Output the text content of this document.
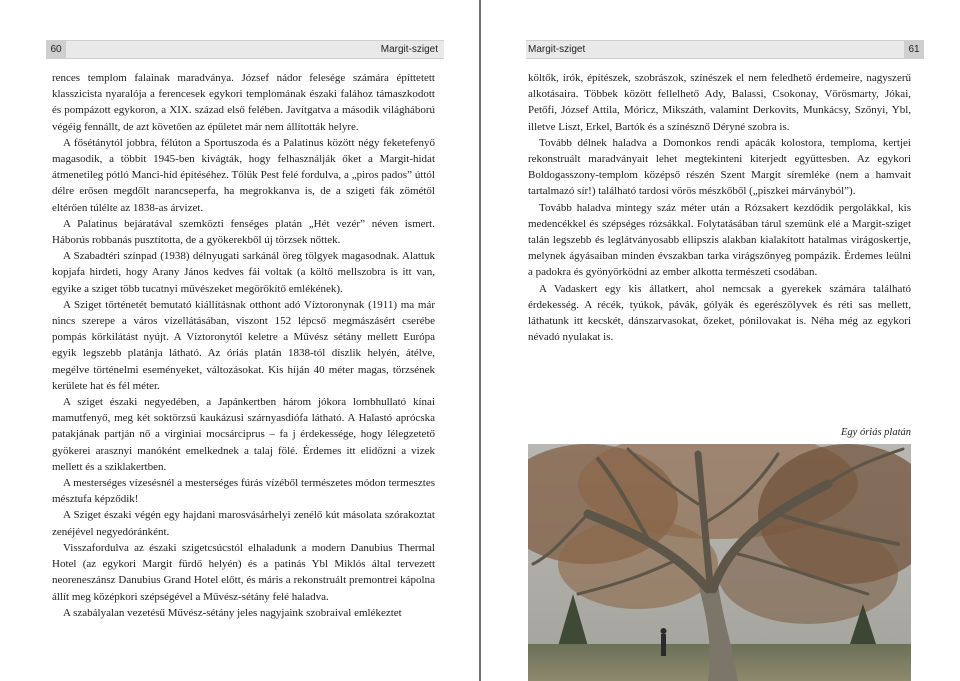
60	Margit-sziget

rences templom falainak maradványa. József nádor felesége számára építtetett klasszicista nyaralója a ferencesek egykori templomának északi falához támaszkodott és pompázott egykoron, a XIX. század első felében. Javítgatva a második világháború végéig fennállt, de azt követően az épületet már nem állították helyre.

A fősétánytól jobbra, félúton a Sportuszoda és a Palatinus között négy feketefenyő magasodik, a többit 1945-ben kivágták, hogy felhasználják őket a Margit-hidat átmenetileg pótló Manci-híd építéséhez. Tőlük Pest felé fordulva, a „piros pados” úttól délre erősen megdőlt narancseperfa, ha megrokkanva is, de a szigeti fák zömétől eltérően túlélte az 1838-as árvizet.

A Palatinus bejáratával szemközti fenséges platán „Hét vezér” néven ismert. Háborús robbanás pusztította, de a gyökerekből új törzsek nőttek.

A Szabadtéri színpad (1938) délnyugati sarkánál öreg tölgyek magasodnak. Alattuk kopjafa hirdeti, hogy Arany János kedves fái voltak (a költő mellszobra is itt van, egyike a sziget több tucatnyi művészeket megörökítő emlékének).

A Sziget történetét bemutató kiállításnak otthont adó Víztoronynak (1911) ma már nincs szerepe a város vízellátásában, viszont 152 lépcső megmászásért cserébe pompás körkilátást nyújt. A Víztoronytól keletre a Művész sétány mellett Európa egyik legszebb platánja látható. Az óriás platán 1838-tól díszlik helyén, átélve, megélve történelmi eseményeket, változásokat. Kis híján 40 méter magas, törzsének kerülete hat és fél méter.

A sziget északi negyedében, a Japánkertben három jókora lombhullató kínai mamutfenyő, meg két soktörzsű kaukázusi szárnyasdiófa látható. A Halastó aprócska patakjának partján nő a virginiai mocsárciprus – fa j érdekessége, hogy lélegzetető gyökerei arasznyi manóként emelkednek a talaj fölé. Érdemes itt elidőzni a vizek mellett és a sziklakertben.

A mesterséges vízesésnél a mesterséges fúrás vízéből természetes módon termesztes mésztufa képződik!

A Sziget északi végén egy hajdani marosvásárhelyi zenélő kút másolata szórakoztat zenéjével negyedóránként.

Visszafordulva az északi szigetcsúcstól elhaladunk a modern Danubius Thermal Hotel (az egykori Margit fürdő helyén) és a patinás Ybl Miklós által tervezett neoreneszánsz Danubius Grand Hotel előtt, és máris a rekonstruált premontrei kápolna állít meg középkori szépségével a Művész-sétány felé haladva.

A szabályalan vezetésű Művész-sétány jeles nagyjaink szobraival emlékeztet

Margit-sziget	61

költők, írók, építészek, szobrászok, színészek el nem feledhető érdemeire, nagyszerű alkotásaira. Többek között fellelhető Ady, Balassi, Csokonay, Vörösmarty, Jókai, Petőfi, József Attila, Móricz, Mikszáth, valamint Derkovits, Munkácsy, Szőnyi, Ybl, illetve Liszt, Erkel, Bartók és a színésznő Déryné szobra is.

Tovább délnek haladva a Domonkos rendi apácák kolostora, temploma, kertjei rekonstruált maradványait lehet megtekinteni kiterjedt együttesben. Az egykori Boldogasszony-templom középső részén Szent Margit síremléke (nem a hamvait tartalmazó sír!) található tardosi vörös mészkőből („piszkei márványból”).

Tovább haladva mintegy száz méter után a Rózsakert kezdődik pergolákkal, kis medencékkel és szépséges rózsákkal. Folytatásában tárul szemünk elé a Margit-sziget talán legszebb és leglátványosabb ellipszis alakban kialakított hatalmas virágoskertje, melynek ágyásaiban minden évszakban tarka virágszőnyeg pompázik. Érdemes leülni a padokra és gyönyörködni az ember alkotta természeti csodában.

A Vadaskert egy kis állatkert, ahol nemcsak a gyerekek számára található érdekesség. A récék, tyúkok, pávák, gólyák és egerészölyvek és réti sas mellett, láthatunk itt kecskét, dánszarvasokat, őzeket, pónilovakat is. Néha még az egykori névadó nyulakat is.

Egy óriás platán
